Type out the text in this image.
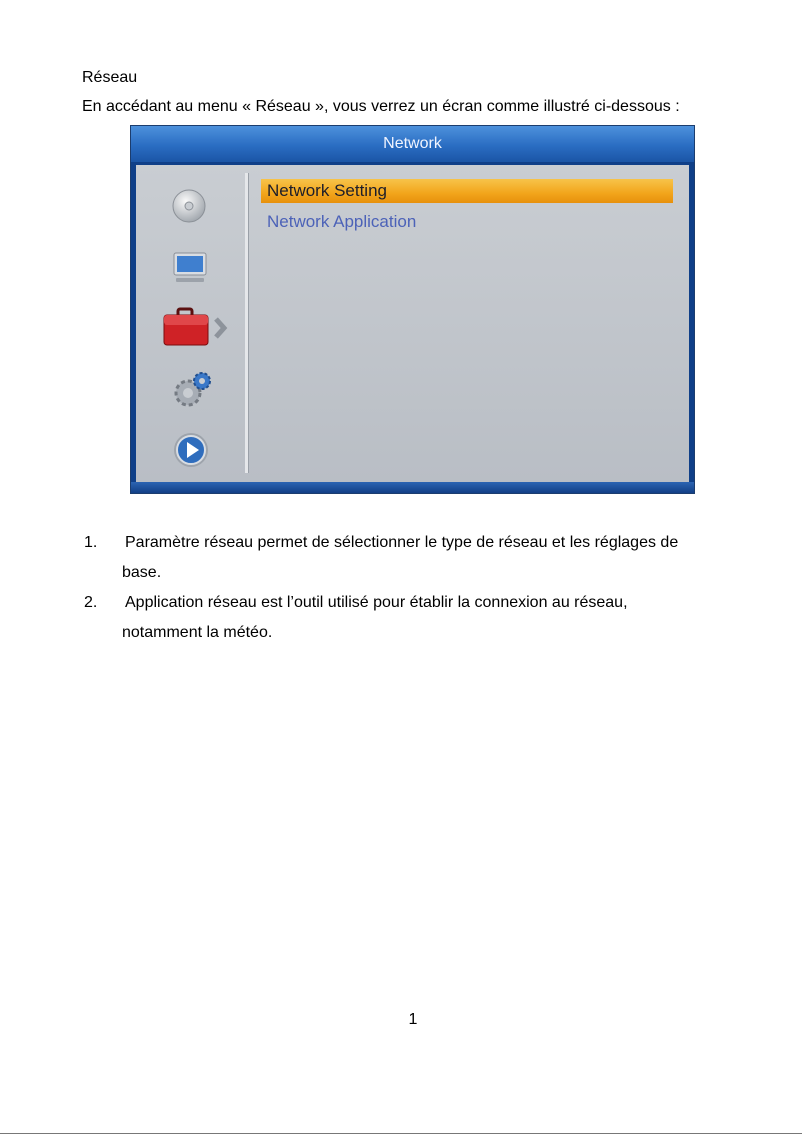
Réseau
En accédant au menu « Réseau », vous verrez un écran comme illustré ci-dessous :
Network
Network Setting
Network Application
1. Paramètre réseau permet de sélectionner le type de réseau et les réglages de
base.
2. Application réseau est l’outil utilisé pour établir la connexion au réseau,
notamment la météo.
1
